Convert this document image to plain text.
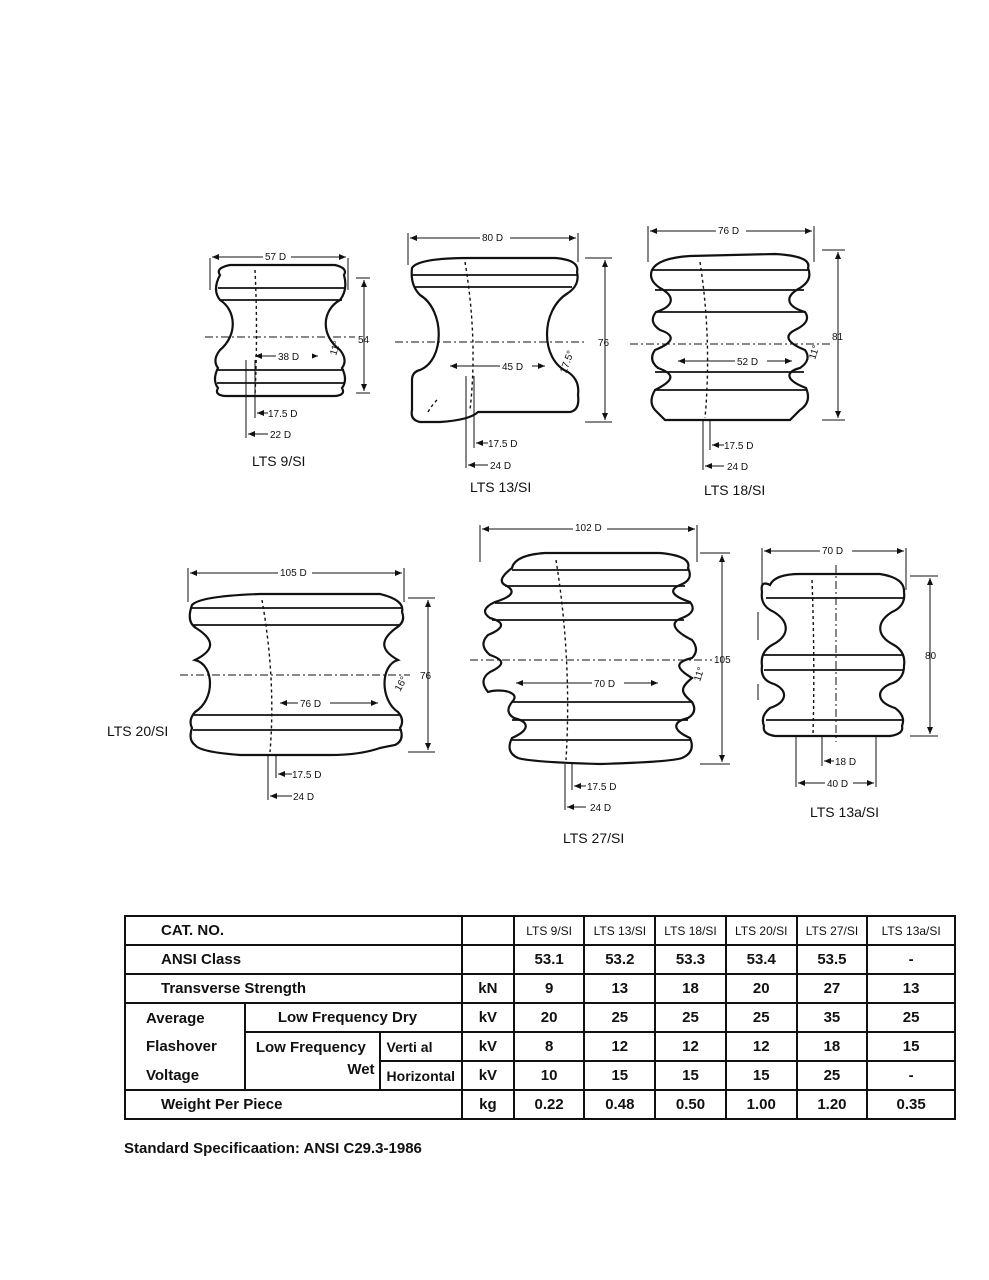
57 D
54
38 D
11°
17.5 D
22 D
LTS 9/SI
80 D
76
45 D	17.5°
17.5 D
24 D
LTS 13/SI
76 D
81
52 D
11°
17.5 D
24 D
LTS 18/SI
105 D
76
76 D
16°
17.5 D
24 D
LTS 20/SI
102 D
105
70 D
11°
17.5 D
24 D
LTS 27/SI
70 D
80
18 D
40 D
LTS 13a/SI
CAT. NO.				LTS 9/SI	LTS 13/SI	LTS 18/SI	LTS 20/SI	LTS 27/SI	LTS 13a/SI
ANSI Class				53.1	53.2	53.3	53.4	53.5	-
Transverse Strength			kN	9	13	18	20	27	13
Average	Low Frequency Dry		kV	20	25	25	25	35	25
Flashover	Low Frequency	Verti al	kV	8	12	12	12	18	15
Voltage	Wet	Horizontal	kV	10	15	15	15	25	-
Weight Per Piece			kg	0.22	0.48	0.50	1.00	1.20	0.35
Standard Specificaation: ANSI C29.3-1986
